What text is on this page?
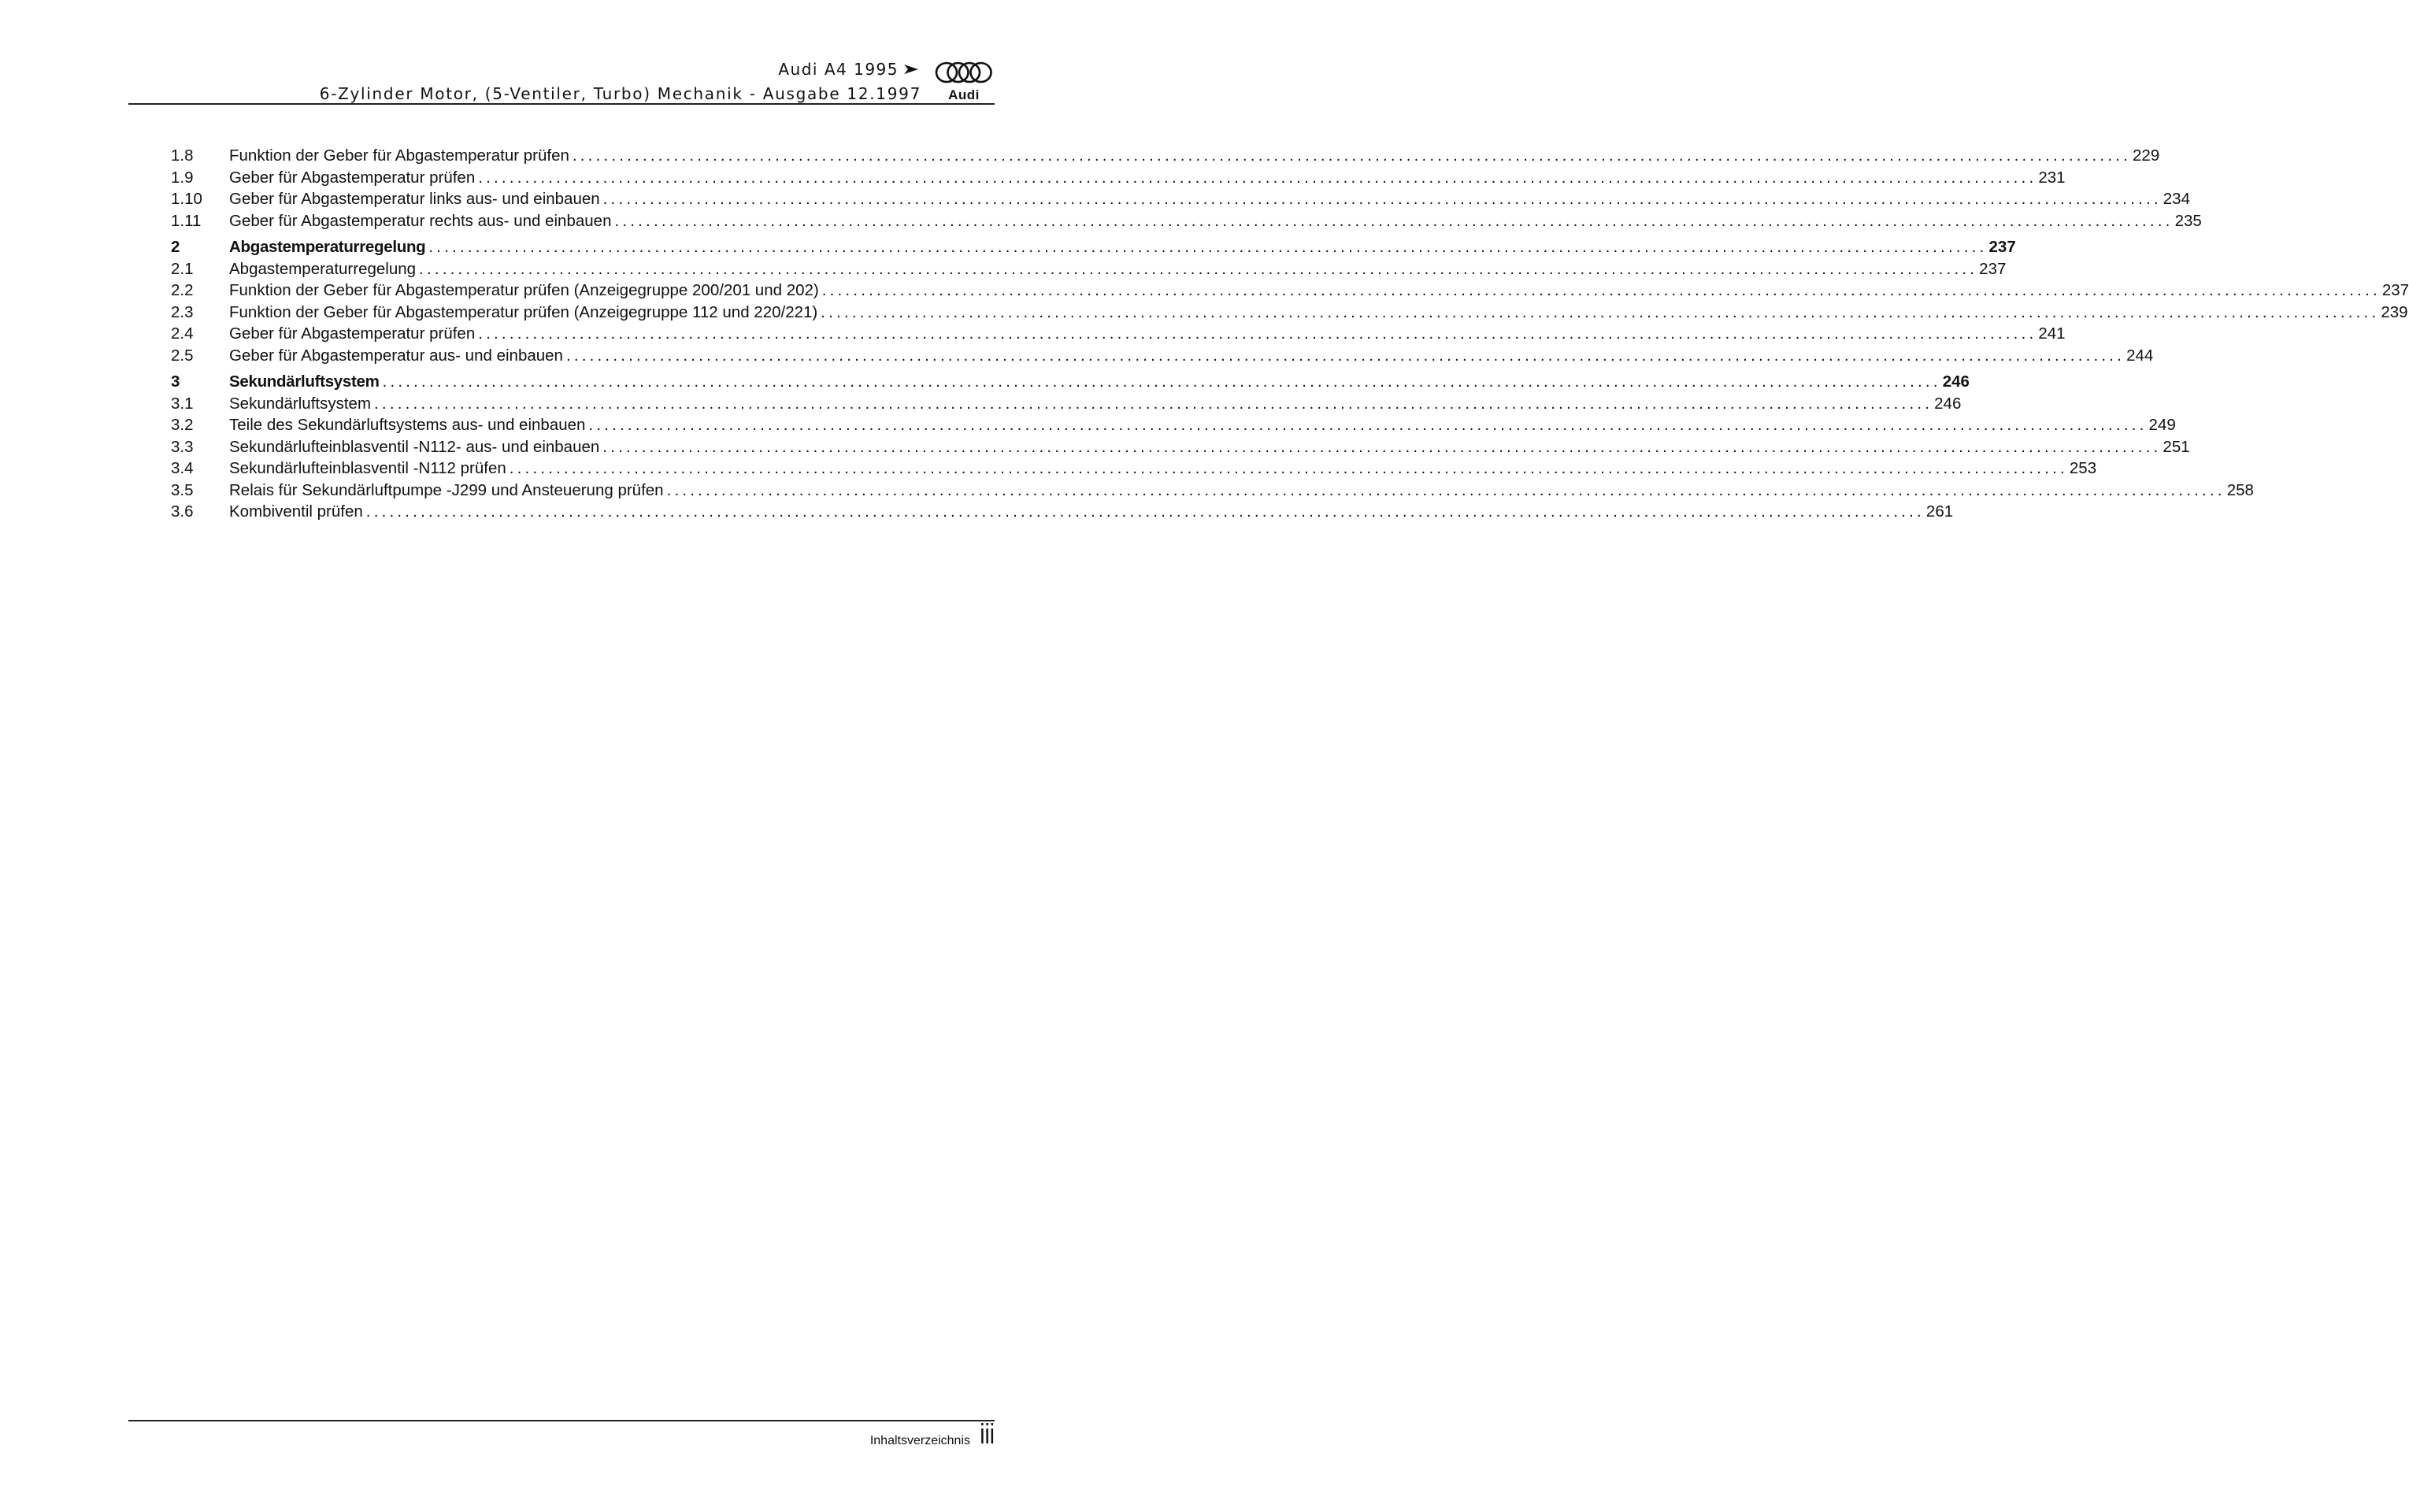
Audi A4 1995
6-Zylinder Motor, (5-Ventiler, Turbo) Mechanik - Ausgabe 12.1997 Audi
1.8 Funktion der Geber für Abgastemperatur prüfen ........................................................................................................................................................................................................ 229
1.9 Geber für Abgastemperatur prüfen ........................................................................................................................................................................................................ 231
1.10 Geber für Abgastemperatur links aus- und einbauen ........................................................................................................................................................................................................ 234
1.11 Geber für Abgastemperatur rechts aus- und einbauen ........................................................................................................................................................................................................ 235
2	Abgastemperaturregelung ........................................................................................................................................................................................................ 237
2.1 Abgastemperaturregelung ........................................................................................................................................................................................................ 237
2.2 Funktion der Geber für Abgastemperatur prüfen (Anzeigegruppe 200/201 und 202) ........................................................................................................................................................................................................ 237
2.3 Funktion der Geber für Abgastemperatur prüfen (Anzeigegruppe 112 und 220/221) ........................................................................................................................................................................................................ 239
2.4 Geber für Abgastemperatur prüfen ........................................................................................................................................................................................................ 241
2.5 Geber für Abgastemperatur aus- und einbauen ........................................................................................................................................................................................................ 244
3	Sekundärluftsystem ........................................................................................................................................................................................................ 246
3.1 Sekundärluftsystem ........................................................................................................................................................................................................ 246
3.2 Teile des Sekundärluftsystems aus- und einbauen ........................................................................................................................................................................................................ 249
3.3 Sekundärlufteinblasventil -N112- aus- und einbauen ........................................................................................................................................................................................................ 251
3.4 Sekundärlufteinblasventil -N112 prüfen ........................................................................................................................................................................................................ 253
3.5 Relais für Sekundärluftpumpe -J299 und Ansteuerung prüfen ........................................................................................................................................................................................................ 258
3.6 Kombiventil prüfen ........................................................................................................................................................................................................ 261
Inhaltsverzeichnis iii
